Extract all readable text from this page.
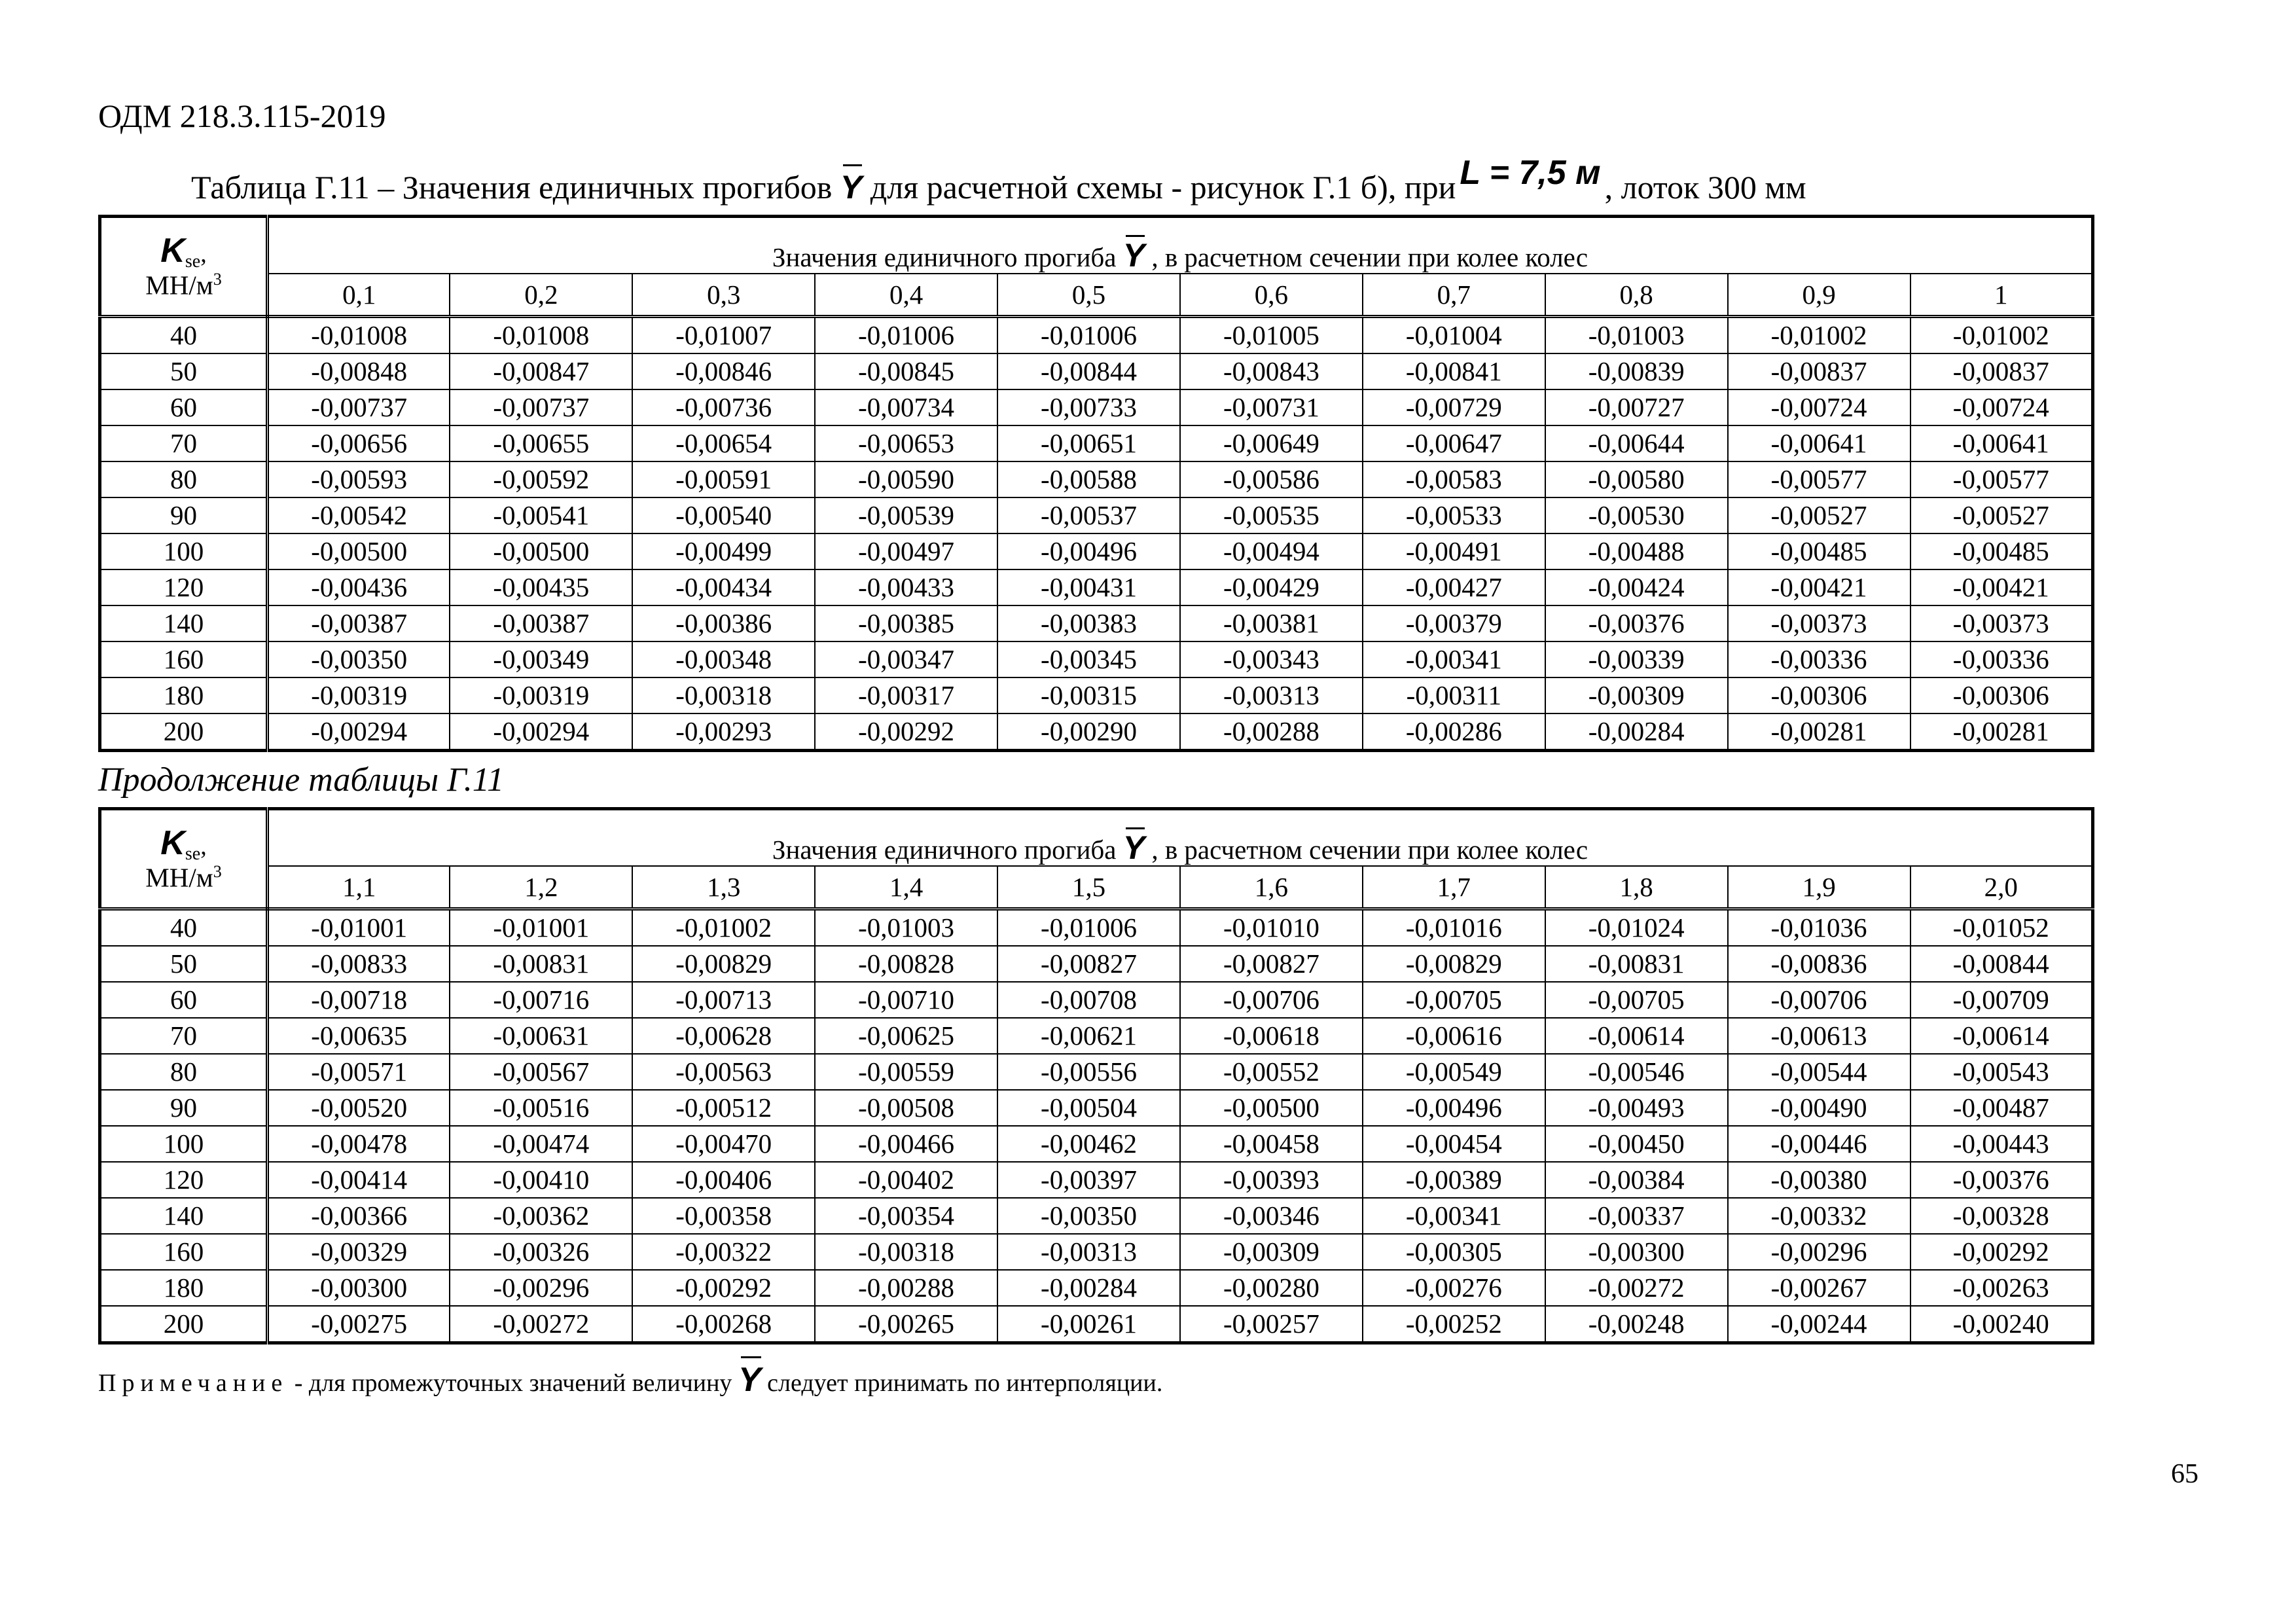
ОДМ 218.3.115-2019
Таблица Г.11 – Значения единичных прогибов Y для расчетной схемы - рисунок Г.1 б), при L = 7,5 м , лоток 300 мм
Kse,
$МН/м^3$	Значения единичного прогиба Y , в расчетном сечении при колее колес									
	0,1	0,2	0,3	0,4	0,5	0,6	0,7	0,8	0,9	1
40	-0,01008	-0,01008	-0,01007	-0,01006	-0,01006	-0,01005	-0,01004	-0,01003	-0,01002	-0,01002
50	-0,00848	-0,00847	-0,00846	-0,00845	-0,00844	-0,00843	-0,00841	-0,00839	-0,00837	-0,00837
60	-0,00737	-0,00737	-0,00736	-0,00734	-0,00733	-0,00731	-0,00729	-0,00727	-0,00724	-0,00724
70	-0,00656	-0,00655	-0,00654	-0,00653	-0,00651	-0,00649	-0,00647	-0,00644	-0,00641	-0,00641
80	-0,00593	-0,00592	-0,00591	-0,00590	-0,00588	-0,00586	-0,00583	-0,00580	-0,00577	-0,00577
90	-0,00542	-0,00541	-0,00540	-0,00539	-0,00537	-0,00535	-0,00533	-0,00530	-0,00527	-0,00527
100	-0,00500	-0,00500	-0,00499	-0,00497	-0,00496	-0,00494	-0,00491	-0,00488	-0,00485	-0,00485
120	-0,00436	-0,00435	-0,00434	-0,00433	-0,00431	-0,00429	-0,00427	-0,00424	-0,00421	-0,00421
140	-0,00387	-0,00387	-0,00386	-0,00385	-0,00383	-0,00381	-0,00379	-0,00376	-0,00373	-0,00373
160	-0,00350	-0,00349	-0,00348	-0,00347	-0,00345	-0,00343	-0,00341	-0,00339	-0,00336	-0,00336
180	-0,00319	-0,00319	-0,00318	-0,00317	-0,00315	-0,00313	-0,00311	-0,00309	-0,00306	-0,00306
200	-0,00294	-0,00294	-0,00293	-0,00292	-0,00290	-0,00288	-0,00286	-0,00284	-0,00281	-0,00281
Продолжение таблицы Г.11
Kse,
$МН/м^3$	Значения единичного прогиба Y , в расчетном сечении при колее колес									
	1,1	1,2	1,3	1,4	1,5	1,6	1,7	1,8	1,9	2,0
40	-0,01001	-0,01001	-0,01002	-0,01003	-0,01006	-0,01010	-0,01016	-0,01024	-0,01036	-0,01052
50	-0,00833	-0,00831	-0,00829	-0,00828	-0,00827	-0,00827	-0,00829	-0,00831	-0,00836	-0,00844
60	-0,00718	-0,00716	-0,00713	-0,00710	-0,00708	-0,00706	-0,00705	-0,00705	-0,00706	-0,00709
70	-0,00635	-0,00631	-0,00628	-0,00625	-0,00621	-0,00618	-0,00616	-0,00614	-0,00613	-0,00614
80	-0,00571	-0,00567	-0,00563	-0,00559	-0,00556	-0,00552	-0,00549	-0,00546	-0,00544	-0,00543
90	-0,00520	-0,00516	-0,00512	-0,00508	-0,00504	-0,00500	-0,00496	-0,00493	-0,00490	-0,00487
100	-0,00478	-0,00474	-0,00470	-0,00466	-0,00462	-0,00458	-0,00454	-0,00450	-0,00446	-0,00443
120	-0,00414	-0,00410	-0,00406	-0,00402	-0,00397	-0,00393	-0,00389	-0,00384	-0,00380	-0,00376
140	-0,00366	-0,00362	-0,00358	-0,00354	-0,00350	-0,00346	-0,00341	-0,00337	-0,00332	-0,00328
160	-0,00329	-0,00326	-0,00322	-0,00318	-0,00313	-0,00309	-0,00305	-0,00300	-0,00296	-0,00292
180	-0,00300	-0,00296	-0,00292	-0,00288	-0,00284	-0,00280	-0,00276	-0,00272	-0,00267	-0,00263
200	-0,00275	-0,00272	-0,00268	-0,00265	-0,00261	-0,00257	-0,00252	-0,00248	-0,00244	-0,00240
Примечание - для промежуточных значений величину Y следует принимать по интерполяции.
65
